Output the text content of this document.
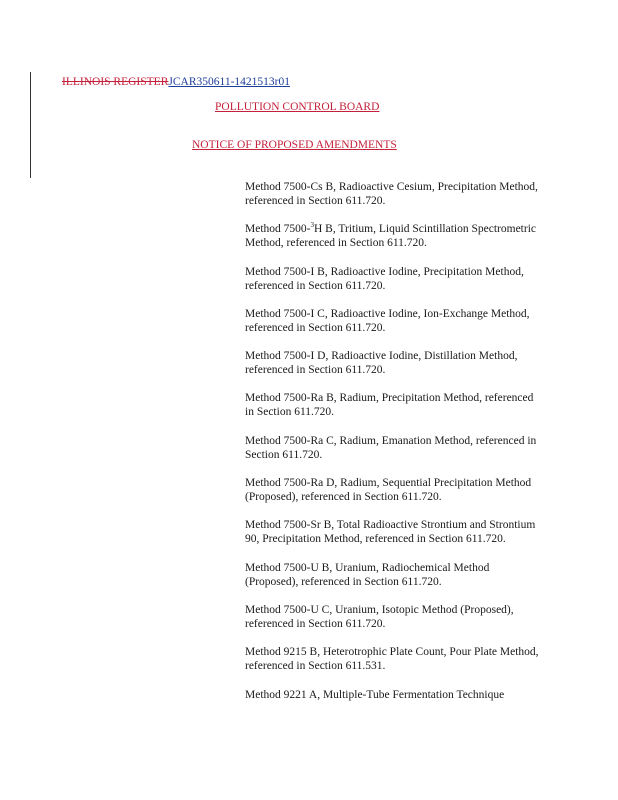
ILLINOIS REGISTERJCAR350611-1421513r01
POLLUTION CONTROL BOARD
NOTICE OF PROPOSED AMENDMENTS

Method 7500-Cs B, Radioactive Cesium, Precipitation Method, referenced in Section 611.720.

Method 7500-$^3$H B, Tritium, Liquid Scintillation Spectrometric Method, referenced in Section 611.720.

Method 7500-I B, Radioactive Iodine, Precipitation Method, referenced in Section 611.720.

Method 7500-I C, Radioactive Iodine, Ion-Exchange Method, referenced in Section 611.720.

Method 7500-I D, Radioactive Iodine, Distillation Method, referenced in Section 611.720.

Method 7500-Ra B, Radium, Precipitation Method, referenced in Section 611.720.

Method 7500-Ra C, Radium, Emanation Method, referenced in Section 611.720.

Method 7500-Ra D, Radium, Sequential Precipitation Method (Proposed), referenced in Section 611.720.

Method 7500-Sr B, Total Radioactive Strontium and Strontium 90, Precipitation Method, referenced in Section 611.720.

Method 7500-U B, Uranium, Radiochemical Method (Proposed), referenced in Section 611.720.

Method 7500-U C, Uranium, Isotopic Method (Proposed), referenced in Section 611.720.

Method 9215 B, Heterotrophic Plate Count, Pour Plate Method, referenced in Section 611.531.

Method 9221 A, Multiple-Tube Fermentation Technique
